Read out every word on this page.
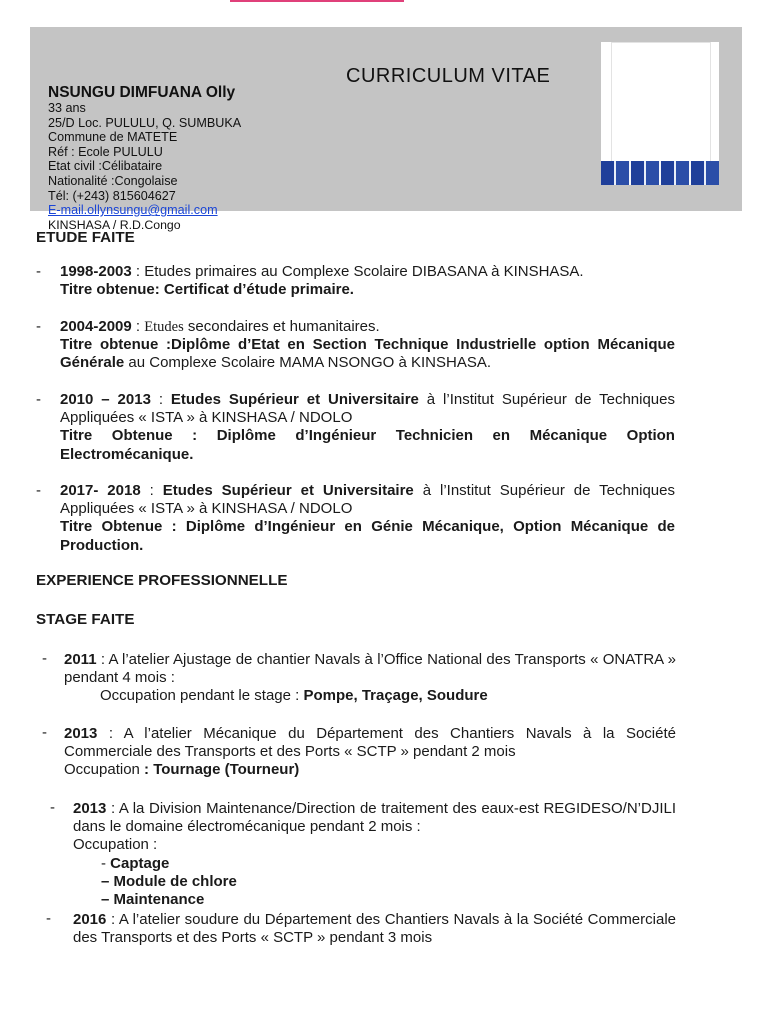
CURRICULUM VITAE
NSUNGU DIMFUANA Olly
33 ans
25/D Loc. PULULU, Q. SUMBUKA
Commune de MATETE
Réf : Ecole PULULU
Etat civil :Célibataire
Nationalité :Congolaise
Tél: (+243) 815604627
E-mail.ollynsungu@gmail.com
KINSHASA / R.D.Congo
ETUDE FAITE
- 1998-2003 : Etudes primaires au Complexe Scolaire DIBASANA à KINSHASA.
Titre obtenue: Certificat d’étude primaire.
- 2004-2009 : Etudes secondaires et humanitaires.
Titre obtenue :Diplôme d’Etat en Section Technique Industrielle option Mécanique Générale au Complexe Scolaire MAMA NSONGO à KINSHASA.
- 2010 – 2013 : Etudes Supérieur et Universitaire à l’Institut Supérieur de Techniques Appliquées « ISTA » à KINSHASA / NDOLO
Titre Obtenue : Diplôme d’Ingénieur Technicien en Mécanique Option Electromécanique.
- 2017- 2018 : Etudes Supérieur et Universitaire à l’Institut Supérieur de Techniques Appliquées « ISTA » à KINSHASA / NDOLO
Titre Obtenue : Diplôme d’Ingénieur en Génie Mécanique, Option Mécanique de Production.
EXPERIENCE PROFESSIONNELLE
STAGE FAITE
- 2011 : A l’atelier Ajustage de chantier Navals à l’Office National des Transports « ONATRA » pendant 4 mois :
Occupation pendant le stage : Pompe, Traçage, Soudure
- 2013 : A l’atelier Mécanique du Département des Chantiers Navals à la Société Commerciale des Transports et des Ports « SCTP » pendant 2 mois
Occupation : Tournage (Tourneur)
- 2013 : A la Division Maintenance/Direction de traitement des eaux-est REGIDESO/N’DJILI dans le domaine électromécanique pendant 2 mois :
Occupation :
- Captage
– Module de chlore
– Maintenance
- 2016 : A l’atelier soudure du Département des Chantiers Navals à la Société Commerciale des Transports et des Ports « SCTP » pendant 3 mois
